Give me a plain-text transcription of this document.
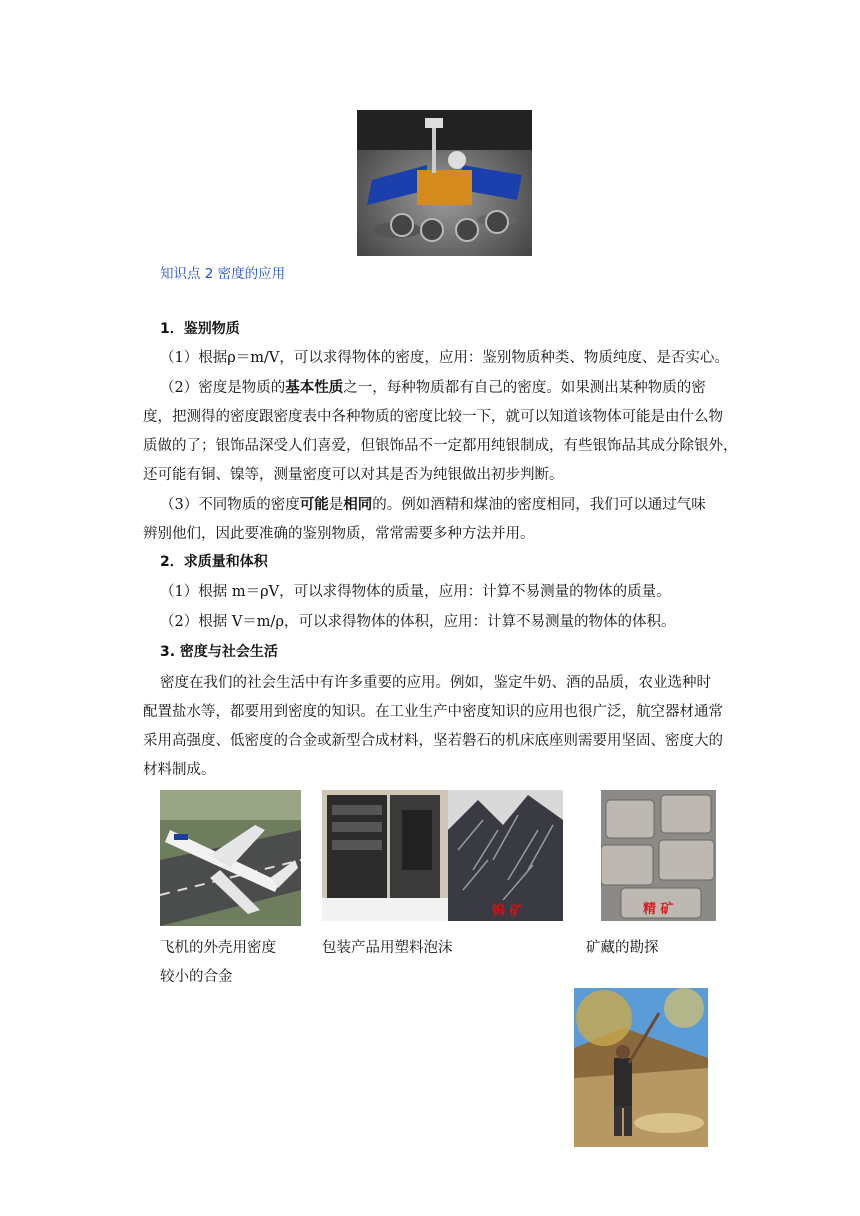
知识点 2 密度的应用
1．鉴别物质
（1）根据ρ＝m/V，可以求得物体的密度，应用：鉴别物质种类、物质纯度、是否实心。
（2）密度是物质的基本性质之一，每种物质都有自己的密度。如果测出某种物质的密
度，把测得的密度跟密度表中各种物质的密度比较一下，就可以知道该物体可能是由什么物
质做的了；银饰品深受人们喜爱，但银饰品不一定都用纯银制成，有些银饰品其成分除银外，
还可能有铜、镍等，测量密度可以对其是否为纯银做出初步判断。
（3）不同物质的密度可能是相同的。例如酒精和煤油的密度相同，我们可以通过气味
辨别他们，因此要准确的鉴别物质，常常需要多种方法并用。
2．求质量和体积
（1）根据 m＝ρV，可以求得物体的质量，应用：计算不易测量的物体的质量。
（2）根据 V＝m/ρ，可以求得物体的体积，应用：计算不易测量的物体的体积。
3. 密度与社会生活
密度在我们的社会生活中有许多重要的应用。例如，鉴定牛奶、酒的品质，农业选种时
配置盐水等，都要用到密度的知识。在工业生产中密度知识的应用也很广泛，航空器材通常
采用高强度、低密度的合金或新型合成材料，坚若磐石的机床底座则需要用坚固、密度大的
材料制成。
钨 矿	精 矿
飞机的外壳用密度
较小的合金
包装产品用塑料泡沫	矿藏的勘探
